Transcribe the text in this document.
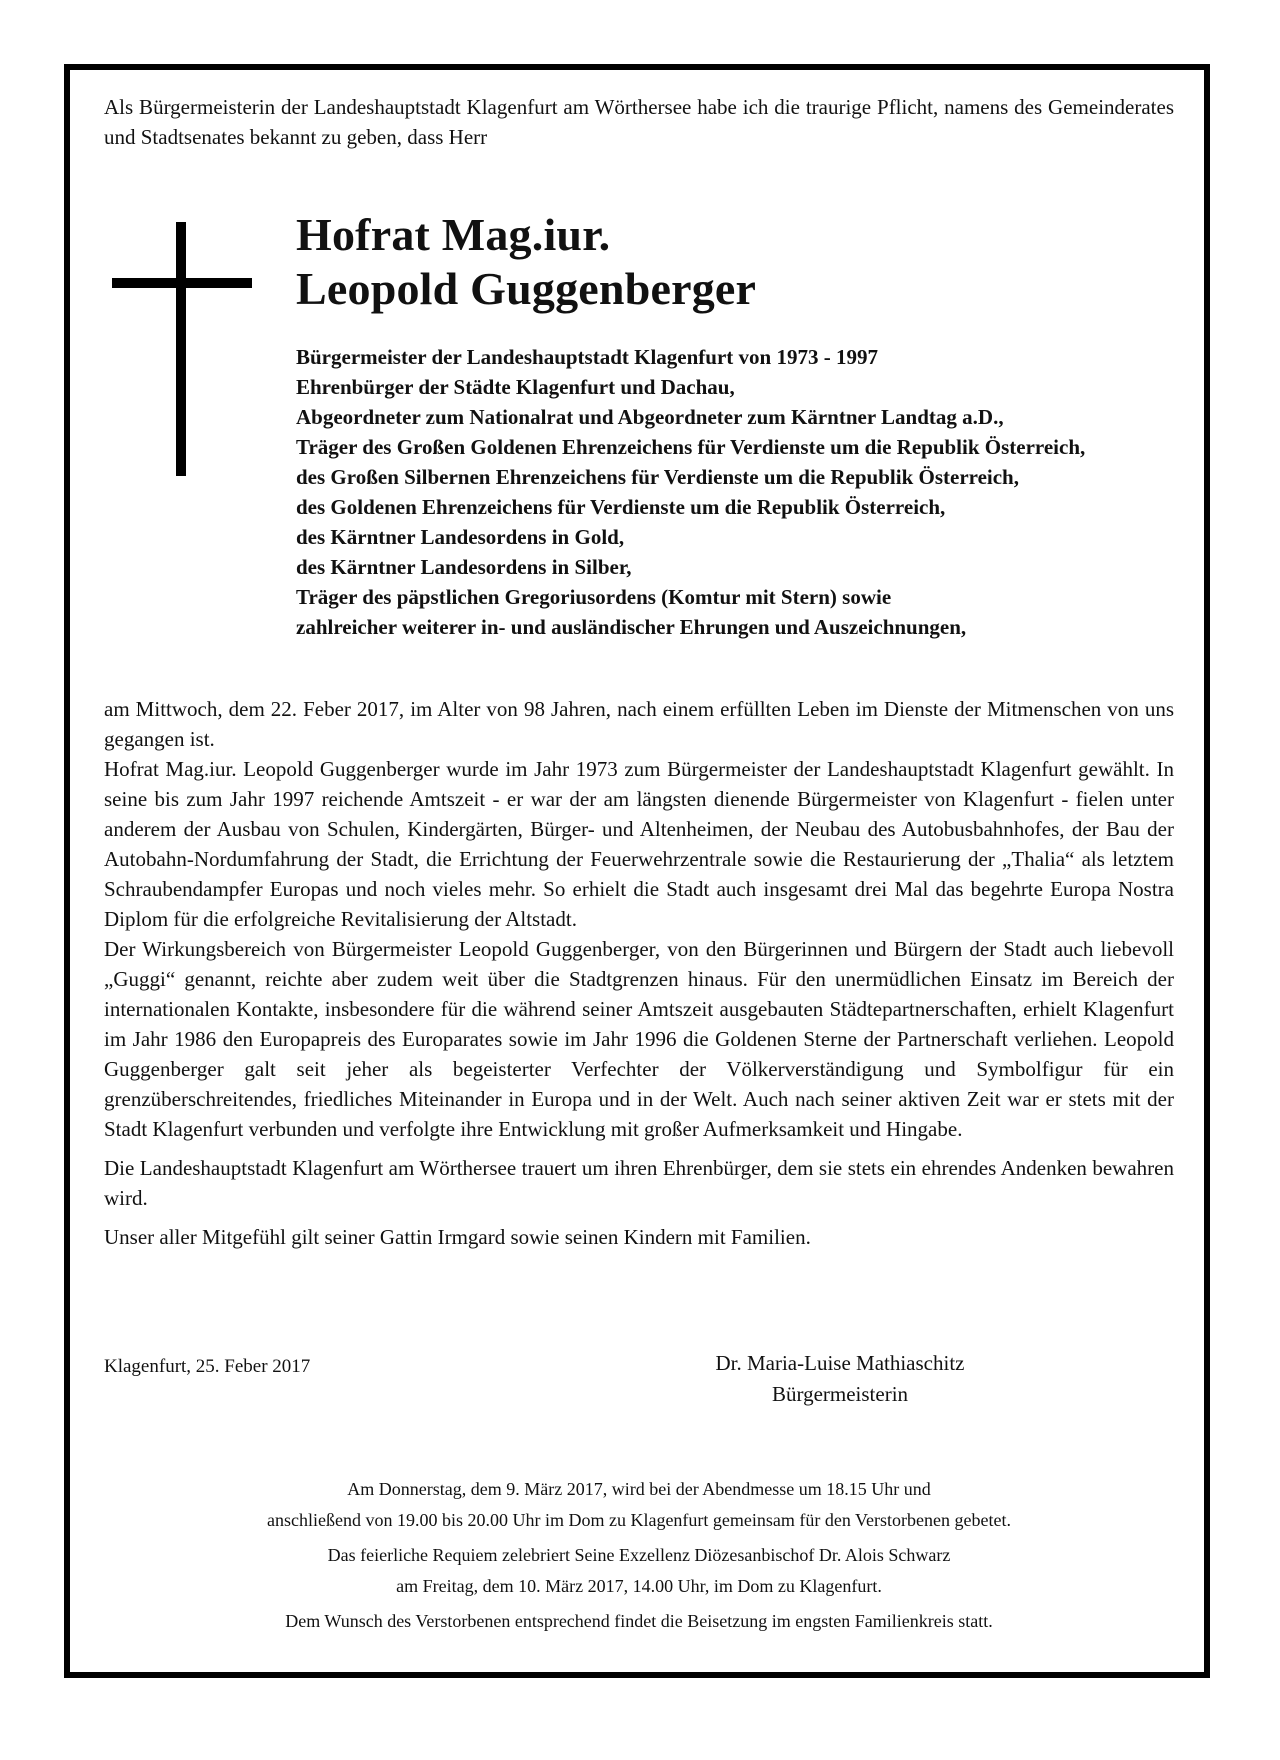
Als Bürgermeisterin der Landeshauptstadt Klagenfurt am Wörthersee habe ich die traurige Pflicht, namens des Gemeinderates und Stadtsenates bekannt zu geben, dass Herr
Hofrat Mag.iur.
Leopold Guggenberger
Bürgermeister der Landeshauptstadt Klagenfurt von 1973 - 1997
Ehrenbürger der Städte Klagenfurt und Dachau,
Abgeordneter zum Nationalrat und Abgeordneter zum Kärntner Landtag a.D.,
Träger des Großen Goldenen Ehrenzeichens für Verdienste um die Republik Österreich,
des Großen Silbernen Ehrenzeichens für Verdienste um die Republik Österreich,
des Goldenen Ehrenzeichens für Verdienste um die Republik Österreich,
des Kärntner Landesordens in Gold,
des Kärntner Landesordens in Silber,
Träger des päpstlichen Gregoriusordens (Komtur mit Stern) sowie
zahlreicher weiterer in- und ausländischer Ehrungen und Auszeichnungen,

am Mittwoch, dem 22. Feber 2017, im Alter von 98 Jahren, nach einem erfüllten Leben im Dienste der Mitmenschen von uns gegangen ist.

Hofrat Mag.iur. Leopold Guggenberger wurde im Jahr 1973 zum Bürgermeister der Landeshauptstadt Klagenfurt gewählt. In seine bis zum Jahr 1997 reichende Amtszeit - er war der am längsten dienende Bürgermeister von Klagenfurt - fielen unter anderem der Ausbau von Schulen, Kindergärten, Bürger- und Altenheimen, der Neubau des Autobusbahnhofes, der Bau der Autobahn-Nordumfahrung der Stadt, die Errichtung der Feuerwehrzentrale sowie die Restaurierung der „Thalia“ als letztem Schraubendampfer Europas und noch vieles mehr. So erhielt die Stadt auch insgesamt drei Mal das begehrte Europa Nostra Diplom für die erfolgreiche Revitalisierung der Altstadt.

Der Wirkungsbereich von Bürgermeister Leopold Guggenberger, von den Bürgerinnen und Bürgern der Stadt auch liebevoll „Guggi“ genannt, reichte aber zudem weit über die Stadtgrenzen hinaus. Für den unermüdlichen Einsatz im Bereich der internationalen Kontakte, insbesondere für die während seiner Amtszeit ausgebauten Städtepartnerschaften, erhielt Klagenfurt im Jahr 1986 den Europapreis des Europarates sowie im Jahr 1996 die Goldenen Sterne der Partnerschaft verliehen. Leopold Guggenberger galt seit jeher als begeisterter Verfechter der Völkerverständigung und Symbolfigur für ein grenzüberschreitendes, friedliches Miteinander in Europa und in der Welt. Auch nach seiner aktiven Zeit war er stets mit der Stadt Klagenfurt verbunden und verfolgte ihre Entwicklung mit großer Aufmerksamkeit und Hingabe.

Die Landeshauptstadt Klagenfurt am Wörthersee trauert um ihren Ehrenbürger, dem sie stets ein ehrendes Andenken bewahren wird.

Unser aller Mitgefühl gilt seiner Gattin Irmgard sowie seinen Kindern mit Familien.

Klagenfurt, 25. Feber 2017	Dr. Maria-Luise Mathiaschitz
Bürgermeisterin

Am Donnerstag, dem 9. März 2017, wird bei der Abendmesse um 18.15 Uhr und

anschließend von 19.00 bis 20.00 Uhr im Dom zu Klagenfurt gemeinsam für den Verstorbenen gebetet.

Das feierliche Requiem zelebriert Seine Exzellenz Diözesanbischof Dr. Alois Schwarz

am Freitag, dem 10. März 2017, 14.00 Uhr, im Dom zu Klagenfurt.

Dem Wunsch des Verstorbenen entsprechend findet die Beisetzung im engsten Familienkreis statt.
